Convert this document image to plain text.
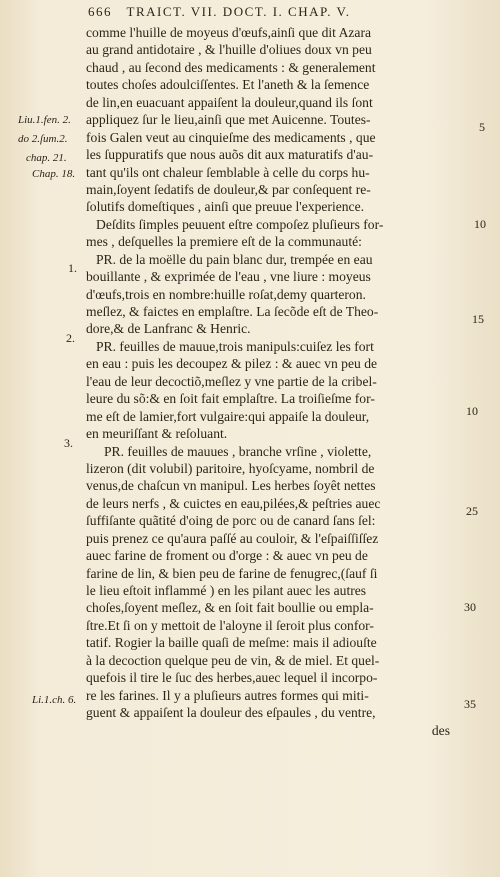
666 TRAICT. VII. DOCT. I. CHAP. V.
Liu.1.fen. 2.
do 2.ſum.2.
chap. 21.
Chap. 18.
Li.1.ch. 6.
1.
2.
3.
5
10
15
10
25
30
35
comme l'huille de moyeus d'œufs,ainſi que dit Azara
au grand antidotaire , & l'huille d'oliues doux vn peu
chaud , au ſecond des medicaments : & generalement
toutes choſes adoulciſſentes. Et l'aneth & la ſemence
de lin,en euacuant appaiſent la douleur,quand ils ſont
appliquez ſur le lieu,ainſi que met Auicenne. Toutes-
fois Galen veut au cinquieſme des medicaments , que
les ſuppuratifs que nous auõs dit aux maturatifs d'au-
tant qu'ils ont chaleur ſemblable à celle du corps hu-
main,ſoyent ſedatifs de douleur,& par conſequent re-
ſolutifs domeſtiques , ainſi que preuue l'experience.
Deſdits ſimples peuuent eſtre compoſez pluſieurs for-
mes , deſquelles la premiere eſt de la communauté:
PR. de la moëlle du pain blanc dur, trempée en eau
bouillante , & exprimée de l'eau , vne liure : moyeus
d'œufs,trois en nombre:huille roſat,demy quarteron.
meſlez, & faictes en emplaſtre. La ſecõde eſt de Theo-
dore,& de Lanfranc & Henric.
PR. feuilles de mauue,trois manipuls:cuiſez les fort
en eau : puis les decoupez & pilez : & auec vn peu de
l'eau de leur decoctiõ,meſlez y vne partie de la cribel-
leure du sõ:& en ſoit fait emplaſtre. La troiſieſme for-
me eſt de lamier,fort vulgaire:qui appaiſe la douleur,
en meuriſſant & reſoluant.
PR. feuilles de mauues , branche vrſine , violette,
lizeron (dit volubil) paritoire, hyoſcyame, nombril de
venus,de chaſcun vn manipul. Les herbes ſoyêt nettes
de leurs nerfs , & cuictes en eau,pilées,& peſtries auec
ſuffiſante quãtité d'oing de porc ou de canard ſans ſel:
puis prenez ce qu'aura paſſé au couloir, & l'eſpaiſſiſſez
auec farine de froment ou d'orge : & auec vn peu de
farine de lin, & bien peu de farine de fenugrec,(ſauf ſi
le lieu eſtoit inflammé ) en les pilant auec les autres
choſes,ſoyent meſlez, & en ſoit fait boullie ou empla-
ſtre.Et ſi on y mettoit de l'aloyne il ſeroit plus confor-
tatif. Rogier la baille quaſi de meſme: mais il adiouſte
à la decoction quelque peu de vin, & de miel. Et quel-
quefois il tire le ſuc des herbes,auec lequel il incorpo-
re les farines. Il y a pluſieurs autres formes qui miti-
guent & appaiſent la douleur des eſpaules , du ventre,
des
